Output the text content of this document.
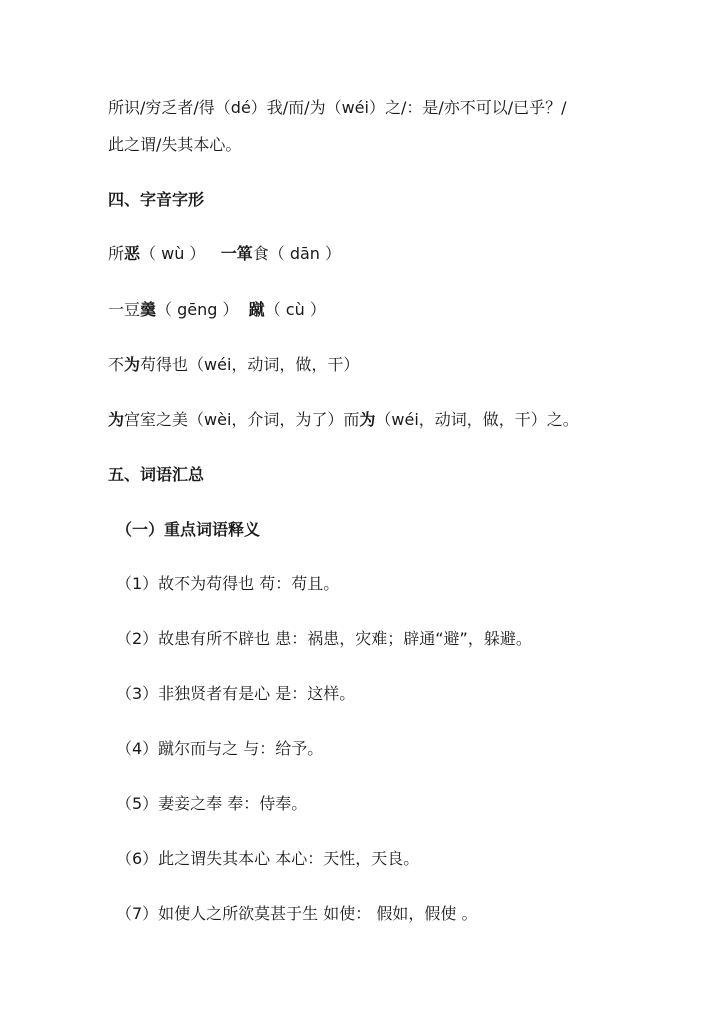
所识/穷乏者/得（dé）我/而/为（wéi）之/：是/亦不可以/已乎？/
此之谓/失其本心。
四、字音字形
所恶（ wù ） 一箪食（ dān ）
一豆羹（ gēng ） 蹴（ cù ）
不为苟得也（wéi，动词，做，干）
为宫室之美（wèi，介词，为了）而为（wéi，动词，做，干）之。
五、词语汇总
（一）重点词语释义
（1）故不为苟得也 苟：苟且。
（2）故患有所不辟也 患：祸患，灾难；辟通“避”，躲避。
（3）非独贤者有是心 是：这样。
（4）蹴尔而与之 与：给予。
（5）妻妾之奉 奉：侍奉。
（6）此之谓失其本心 本心：天性，天良。
（7）如使人之所欲莫甚于生 如使： 假如，假使 。
